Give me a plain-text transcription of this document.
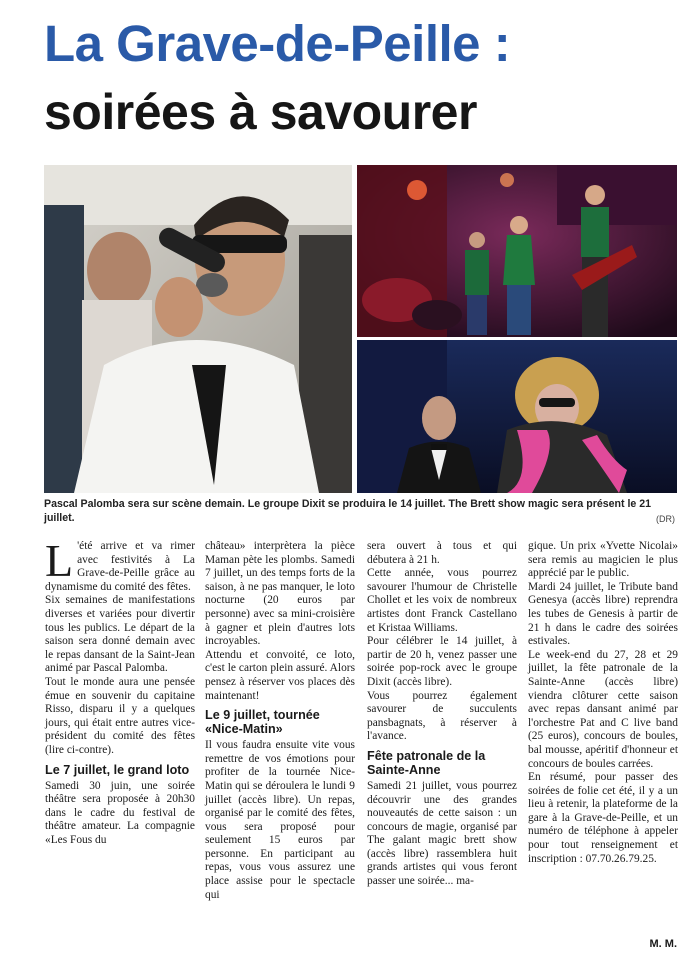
La Grave-de-Peille :
soirées à savourer
Pascal Palomba sera sur scène demain. Le groupe Dixit se produira le 14 juillet. The Brett show magic sera présent le 21 juillet.	(DR)

L 'été arrive et va rimer avec festivités à La Grave-de-Peille grâce au dynamisme du comité des fêtes.

Six semaines de manifestations diverses et variées pour divertir tous les publics. Le départ de la saison sera donné demain avec le repas dansant de la Saint-Jean animé par Pascal Palomba.

Tout le monde aura une pensée émue en souvenir du capitaine Risso, disparu il y a quelques jours, qui était entre autres vice-président du comité des fêtes (lire ci-contre).

Le 7 juillet, le grand loto

Samedi 30 juin, une soirée théâtre sera proposée à 20h30 dans le cadre du festival de théâtre amateur. La compagnie «Les Fous du

château» interprètera la pièce Maman pète les plombs. Samedi 7 juillet, un des temps forts de la saison, à ne pas manquer, le loto nocturne (20 euros par personne) avec sa mini-croisière à gagner et plein d'autres lots incroyables.

Attendu et convoité, ce loto, c'est le carton plein assuré. Alors pensez à réserver vos places dès maintenant!

Le 9 juillet, tournée «Nice-Matin»

Il vous faudra ensuite vite vous remettre de vos émotions pour profiter de la tournée Nice-Matin qui se déroulera le lundi 9 juillet (accès libre). Un repas, organisé par le comité des fêtes, vous sera proposé pour seulement 15 euros par personne. En participant au repas, vous vous assurez une place assise pour le spectacle qui

sera ouvert à tous et qui débutera à 21 h.

Cette année, vous pourrez savourer l'humour de Christelle Chollet et les voix de nombreux artistes dont Franck Castellano et Kristaa Williams.

Pour célébrer le 14 juillet, à partir de 20 h, venez passer une soirée pop-rock avec le groupe Dixit (accès libre).

Vous pourrez également savourer de succulents pansbagnats, à réserver à l'avance.

Fête patronale de la Sainte-Anne

Samedi 21 juillet, vous pourrez découvrir une des grandes nouveautés de cette saison : un concours de magie, organisé par The galant magic brett show (accès libre) rassemblera huit grands artistes qui vous feront passer une soirée... ma-

gique. Un prix «Yvette Nicolai» sera remis au magicien le plus apprécié par le public.

Mardi 24 juillet, le Tribute band Genesya (accès libre) reprendra les tubes de Genesis à partir de 21 h dans le cadre des soirées estivales.

Le week-end du 27, 28 et 29 juillet, la fête patronale de la Sainte-Anne (accès libre) viendra clôturer cette saison avec repas dansant animé par l'orchestre Pat and C live band (25 euros), concours de boules, bal mousse, apéritif d'honneur et concours de boules carrées.

En résumé, pour passer des soirées de folie cet été, il y a un lieu à retenir, la plateforme de la gare à la Grave-de-Peille, et un numéro de téléphone à appeler pour tout renseignement et inscription : 07.70.26.79.25.

M. M.
